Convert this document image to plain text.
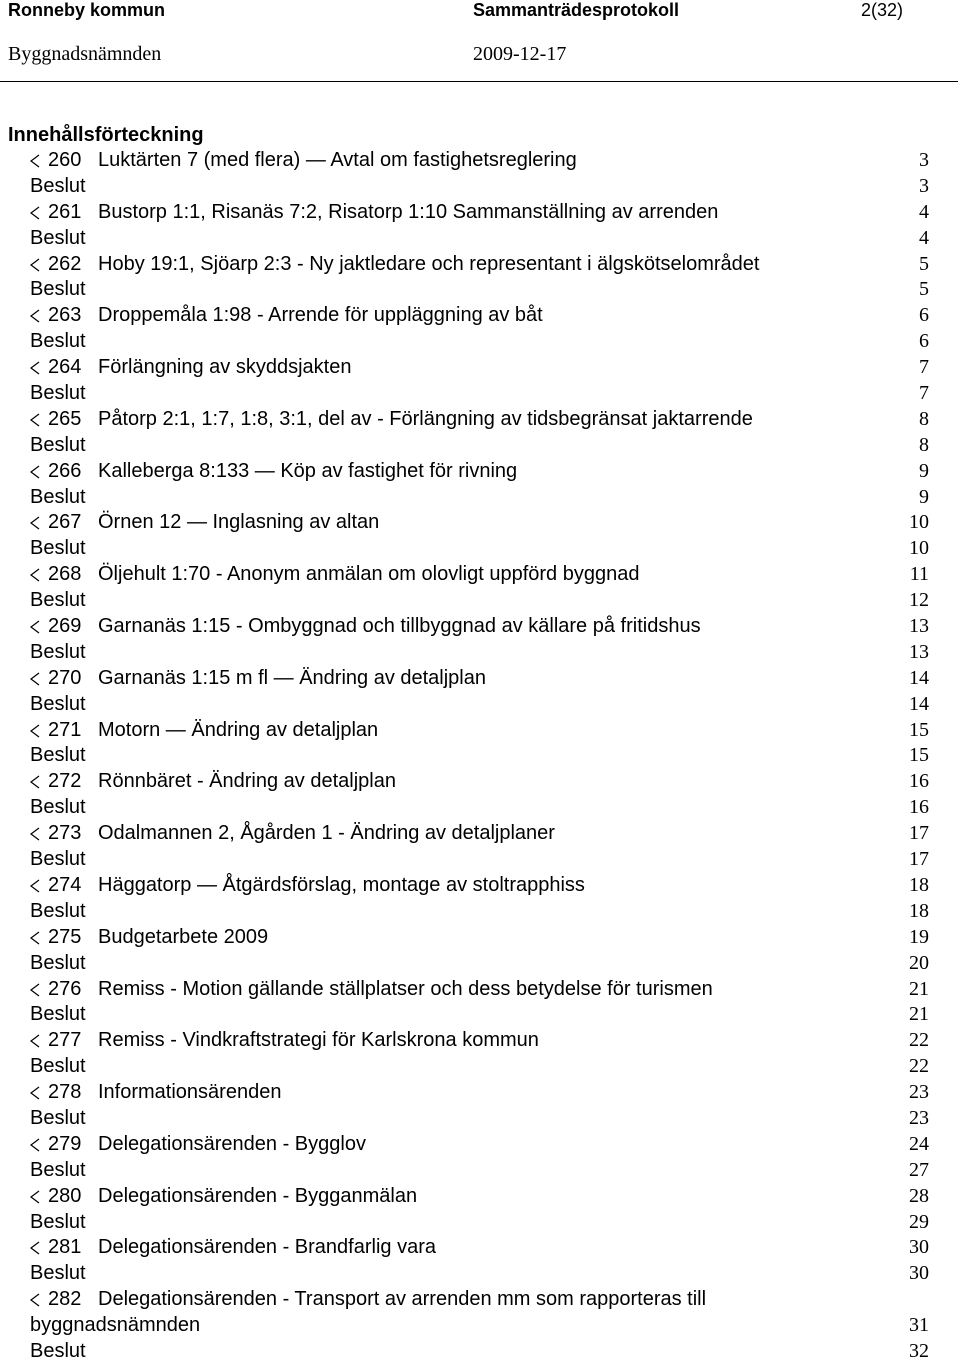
Ronneby kommun	Sammanträdesprotokoll	2(32)
Byggnadsnämnden	2009-12-17
Innehållsförteckning
260 Luktärten 7 (med flera) ― Avtal om fastighetsreglering	3
Beslut	3
261 Bustorp 1:1, Risanäs 7:2, Risatorp 1:10 Sammanställning av arrenden	4
Beslut	4
262 Hoby 19:1, Sjöarp 2:3 - Ny jaktledare och representant i älgskötselområdet	5
Beslut	5
263 Droppemåla 1:98 - Arrende för uppläggning av båt	6
Beslut	6
264 Förlängning av skyddsjakten	7
Beslut	7
265 Påtorp 2:1, 1:7, 1:8, 3:1, del av - Förlängning av tidsbegränsat jaktarrende	8
Beslut	8
266 Kalleberga 8:133 ― Köp av fastighet för rivning	9
Beslut	9
267 Örnen 12 ― Inglasning av altan	10
Beslut	10
268 Öljehult 1:70 - Anonym anmälan om olovligt uppförd byggnad	11
Beslut	12
269 Garnanäs 1:15 - Ombyggnad och tillbyggnad av källare på fritidshus	13
Beslut	13
270 Garnanäs 1:15 m fl ― Ändring av detaljplan	14
Beslut	14
271 Motorn ― Ändring av detaljplan	15
Beslut	15
272 Rönnbäret - Ändring av detaljplan	16
Beslut	16
273 Odalmannen 2, Ågården 1 - Ändring av detaljplaner	17
Beslut	17
274 Häggatorp ― Åtgärdsförslag, montage av stoltrapphiss	18
Beslut	18
275 Budgetarbete 2009	19
Beslut	20
276 Remiss - Motion gällande ställplatser och dess betydelse för turismen	21
Beslut	21
277 Remiss - Vindkraftstrategi för Karlskrona kommun	22
Beslut	22
278 Informationsärenden	23
Beslut	23
279 Delegationsärenden - Bygglov	24
Beslut	27
280 Delegationsärenden - Bygganmälan	28
Beslut	29
281 Delegationsärenden - Brandfarlig vara	30
Beslut	30
282 Delegationsärenden - Transport av arrenden mm som rapporteras till
byggnadsnämnden	31
Beslut	32
